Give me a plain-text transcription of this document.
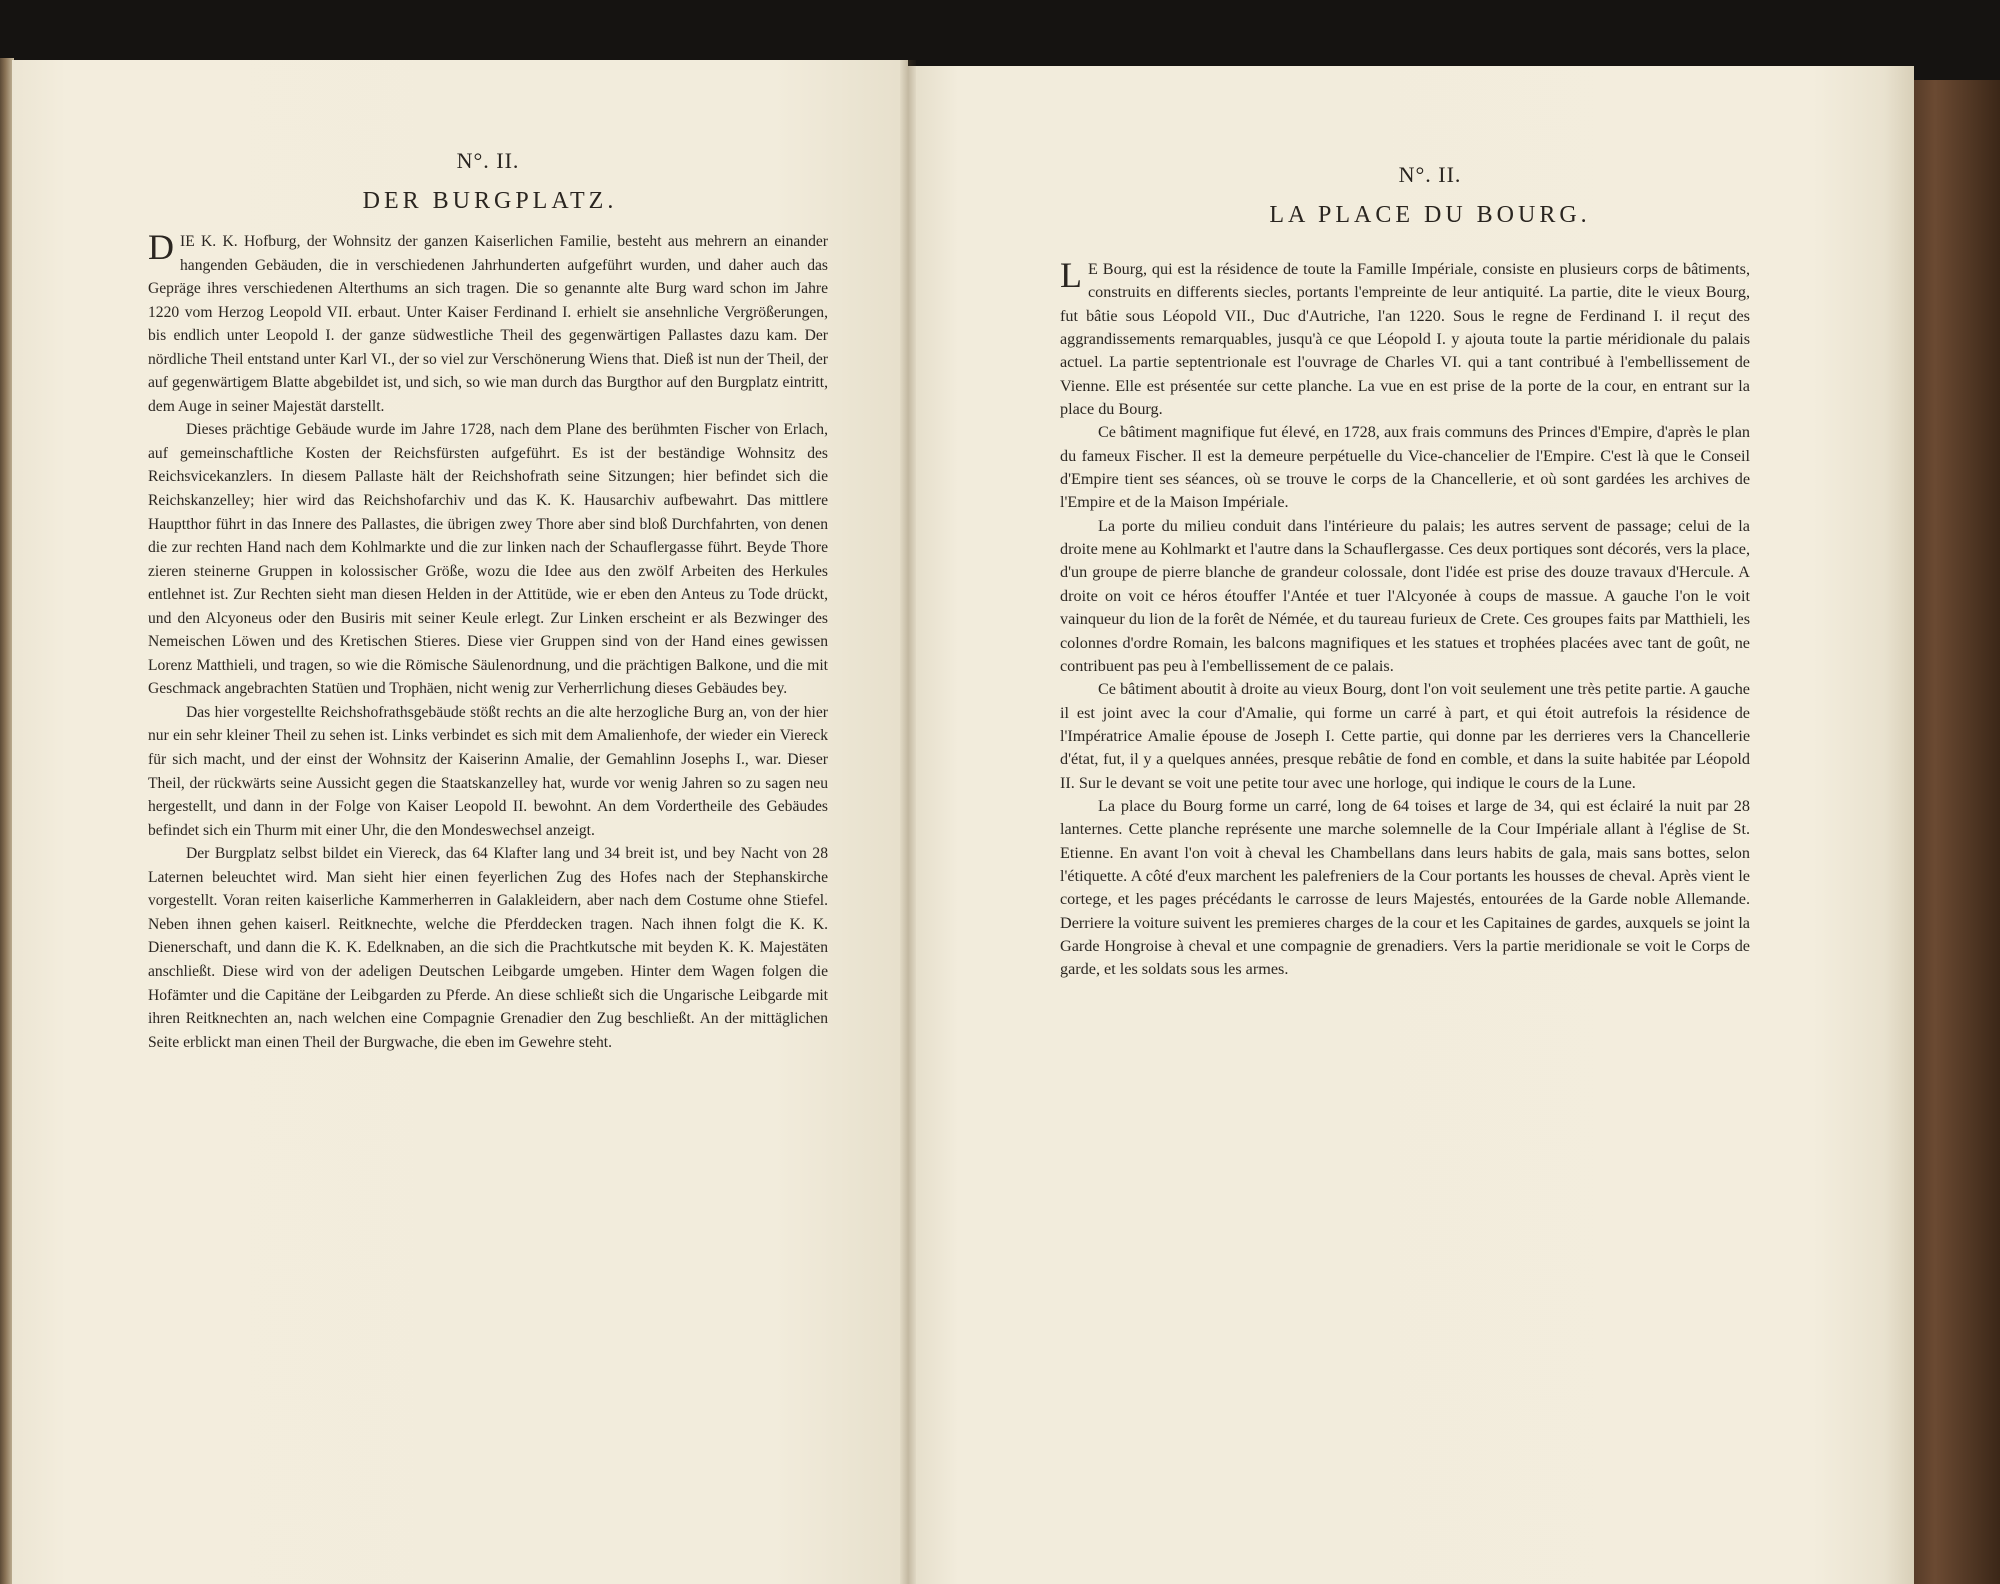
N°. II.
DER BURGPLATZ.

DIE K. K. Hofburg, der Wohnsitz der ganzen Kaiserlichen Familie, besteht aus mehrern an einander hangenden Gebäuden, die in verschiedenen Jahrhunderten aufgeführt wurden, und daher auch das Gepräge ihres verschiedenen Alterthums an sich tragen. Die so genannte alte Burg ward schon im Jahre 1220 vom Herzog Leopold VII. erbaut. Unter Kaiser Ferdinand I. erhielt sie ansehnliche Vergrößerungen, bis endlich unter Leopold I. der ganze südwestliche Theil des gegenwärtigen Pallastes dazu kam. Der nördliche Theil entstand unter Karl VI., der so viel zur Verschönerung Wiens that. Dieß ist nun der Theil, der auf gegenwärtigem Blatte abgebildet ist, und sich, so wie man durch das Burgthor auf den Burgplatz eintritt, dem Auge in seiner Majestät darstellt.

Dieses prächtige Gebäude wurde im Jahre 1728, nach dem Plane des berühmten Fischer von Erlach, auf gemeinschaftliche Kosten der Reichsfürsten aufgeführt. Es ist der beständige Wohnsitz des Reichsvicekanzlers. In diesem Pallaste hält der Reichshofrath seine Sitzungen; hier befindet sich die Reichskanzelley; hier wird das Reichshofarchiv und das K. K. Hausarchiv aufbewahrt. Das mittlere Hauptthor führt in das Innere des Pallastes, die übrigen zwey Thore aber sind bloß Durchfahrten, von denen die zur rechten Hand nach dem Kohlmarkte und die zur linken nach der Schauflergasse führt. Beyde Thore zieren steinerne Gruppen in kolossischer Größe, wozu die Idee aus den zwölf Arbeiten des Herkules entlehnet ist. Zur Rechten sieht man diesen Helden in der Attitüde, wie er eben den Anteus zu Tode drückt, und den Alcyoneus oder den Busiris mit seiner Keule erlegt. Zur Linken erscheint er als Bezwinger des Nemeischen Löwen und des Kretischen Stieres. Diese vier Gruppen sind von der Hand eines gewissen Lorenz Matthieli, und tragen, so wie die Römische Säulenordnung, und die prächtigen Balkone, und die mit Geschmack angebrachten Statüen und Trophäen, nicht wenig zur Verherrlichung dieses Gebäudes bey.

Das hier vorgestellte Reichshofrathsgebäude stößt rechts an die alte herzogliche Burg an, von der hier nur ein sehr kleiner Theil zu sehen ist. Links verbindet es sich mit dem Amalienhofe, der wieder ein Viereck für sich macht, und der einst der Wohnsitz der Kaiserinn Amalie, der Gemahlinn Josephs I., war. Dieser Theil, der rückwärts seine Aussicht gegen die Staatskanzelley hat, wurde vor wenig Jahren so zu sagen neu hergestellt, und dann in der Folge von Kaiser Leopold II. bewohnt. An dem Vordertheile des Gebäudes befindet sich ein Thurm mit einer Uhr, die den Mondeswechsel anzeigt.

Der Burgplatz selbst bildet ein Viereck, das 64 Klafter lang und 34 breit ist, und bey Nacht von 28 Laternen beleuchtet wird. Man sieht hier einen feyerlichen Zug des Hofes nach der Stephanskirche vorgestellt. Voran reiten kaiserliche Kammerherren in Galakleidern, aber nach dem Costume ohne Stiefel. Neben ihnen gehen kaiserl. Reitknechte, welche die Pferddecken tragen. Nach ihnen folgt die K. K. Dienerschaft, und dann die K. K. Edelknaben, an die sich die Prachtkutsche mit beyden K. K. Majestäten anschließt. Diese wird von der adeligen Deutschen Leibgarde umgeben. Hinter dem Wagen folgen die Hofämter und die Capitäne der Leibgarden zu Pferde. An diese schließt sich die Ungarische Leibgarde mit ihren Reitknechten an, nach welchen eine Compagnie Grenadier den Zug beschließt. An der mittäglichen Seite erblickt man einen Theil der Burgwache, die eben im Gewehre steht.

N°. II.
LA PLACE DU BOURG.

L E Bourg, qui est la résidence de toute la Famille Impériale, consiste en plusieurs corps de bâtiments, construits en differents siecles, portants l'empreinte de leur antiquité. La partie, dite le vieux Bourg, fut bâtie sous Léopold VII., Duc d'Autriche, l'an 1220. Sous le regne de Ferdinand I. il reçut des aggrandissements remarquables, jusqu'à ce que Léopold I. y ajouta toute la partie méridionale du palais actuel. La partie septentrionale est l'ouvrage de Charles VI. qui a tant contribué à l'embellissement de Vienne. Elle est présentée sur cette planche. La vue en est prise de la porte de la cour, en entrant sur la place du Bourg.

Ce bâtiment magnifique fut élevé, en 1728, aux frais communs des Princes d'Empire, d'après le plan du fameux Fischer. Il est la demeure perpétuelle du Vice-chancelier de l'Empire. C'est là que le Conseil d'Empire tient ses séances, où se trouve le corps de la Chancellerie, et où sont gardées les archives de l'Empire et de la Maison Impériale.

La porte du milieu conduit dans l'intérieure du palais; les autres servent de passage; celui de la droite mene au Kohlmarkt et l'autre dans la Schauflergasse. Ces deux portiques sont décorés, vers la place, d'un groupe de pierre blanche de grandeur colossale, dont l'idée est prise des douze travaux d'Hercule. A droite on voit ce héros étouffer l'Antée et tuer l'Alcyonée à coups de massue. A gauche l'on le voit vainqueur du lion de la forêt de Némée, et du taureau furieux de Crete. Ces groupes faits par Matthieli, les colonnes d'ordre Romain, les balcons magnifiques et les statues et trophées placées avec tant de goût, ne contribuent pas peu à l'embellissement de ce palais.

Ce bâtiment aboutit à droite au vieux Bourg, dont l'on voit seulement une très petite partie. A gauche il est joint avec la cour d'Amalie, qui forme un carré à part, et qui étoit autrefois la résidence de l'Impératrice Amalie épouse de Joseph I. Cette partie, qui donne par les derrieres vers la Chancellerie d'état, fut, il y a quelques années, presque rebâtie de fond en comble, et dans la suite habitée par Léopold II. Sur le devant se voit une petite tour avec une horloge, qui indique le cours de la Lune.

La place du Bourg forme un carré, long de 64 toises et large de 34, qui est éclairé la nuit par 28 lanternes. Cette planche représente une marche solemnelle de la Cour Impériale allant à l'église de St. Etienne. En avant l'on voit à cheval les Chambellans dans leurs habits de gala, mais sans bottes, selon l'étiquette. A côté d'eux marchent les palefreniers de la Cour portants les housses de cheval. Après vient le cortege, et les pages précédants le carrosse de leurs Majestés, entourées de la Garde noble Allemande. Derriere la voiture suivent les premieres charges de la cour et les Capitaines de gardes, auxquels se joint la Garde Hongroise à cheval et une compagnie de grenadiers. Vers la partie meridionale se voit le Corps de garde, et les soldats sous les armes.
